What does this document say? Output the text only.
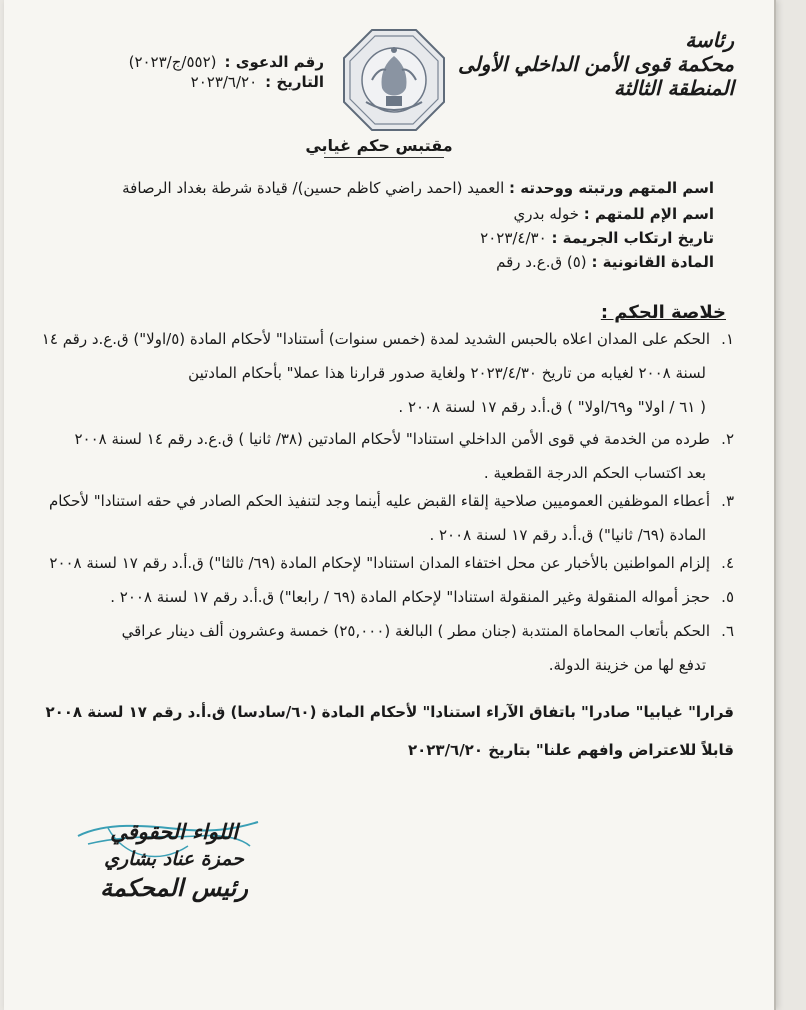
رئاسة
محكمة قوى الأمن الداخلي الأولى
المنطقة الثالثة
رقم الدعوى :
(٥٥٢/ج/٢٠٢٣)
التاريخ :
٢٠٢٣/٦/٢٠
مقتبس حكم غيابي
اسم المتهم ورتبته ووحدته : العميد (احمد راضي كاظم حسين)/ قيادة شرطة بغداد الرصافة
اسم الإم للمتهم : خوله بدري
تاريخ ارتكاب الجريمة : ٢٠٢٣/٤/٣٠
المادة القانونية : (٥) ق.ع.د رقم
خلاصة الحكم :
١.الحكم على المدان اعلاه بالحبس الشديد لمدة (خمس سنوات) أستنادا" لأحكام المادة (٥/اولا") ق.ع.د رقم ١٤
لسنة ٢٠٠٨ لغيابه من تاريخ ٢٠٢٣/٤/٣٠ ولغاية صدور قرارنا هذا عملا" بأحكام المادتين
( ٦١ / اولا" و٦٩/اولا" ) ق.أ.د رقم ١٧ لسنة ٢٠٠٨ .
٢.طرده من الخدمة في قوى الأمن الداخلي استنادا" لأحكام المادتين (٣٨/ ثانيا ) ق.ع.د رقم ١٤ لسنة ٢٠٠٨
بعد اكتساب الحكم الدرجة القطعية .
٣.أعطاء الموظفين العموميين صلاحية إلقاء القبض عليه أينما وجد لتنفيذ الحكم الصادر في حقه استنادا" لأحكام
المادة (٦٩/ ثانيا") ق.أ.د رقم ١٧ لسنة ٢٠٠٨ .
٤.إلزام المواطنين بالأخبار عن محل اختفاء المدان استنادا" لإحكام المادة (٦٩/ ثالثا") ق.أ.د رقم ١٧ لسنة ٢٠٠٨
٥.حجز أمواله المنقولة وغير المنقولة استنادا" لإحكام المادة (٦٩ / رابعا") ق.أ.د رقم ١٧ لسنة ٢٠٠٨ .
٦.الحكم بأتعاب المحاماة المنتدبة (جنان مطر ) البالغة (٢٥,٠٠٠) خمسة وعشرون ألف دينار عراقي
تدفع لها من خزينة الدولة.
قرارا" غيابيا" صادرا" باتفاق الآراء استنادا" لأحكام المادة (٦٠/سادسا) ق.أ.د رقم ١٧ لسنة ٢٠٠٨
قابلاً للاعتراض وافهم علنا" بتاريخ ٢٠٢٣/٦/٢٠
اللواء الحقوقي
حمزة عناد بشاري
رئيس المحكمة
